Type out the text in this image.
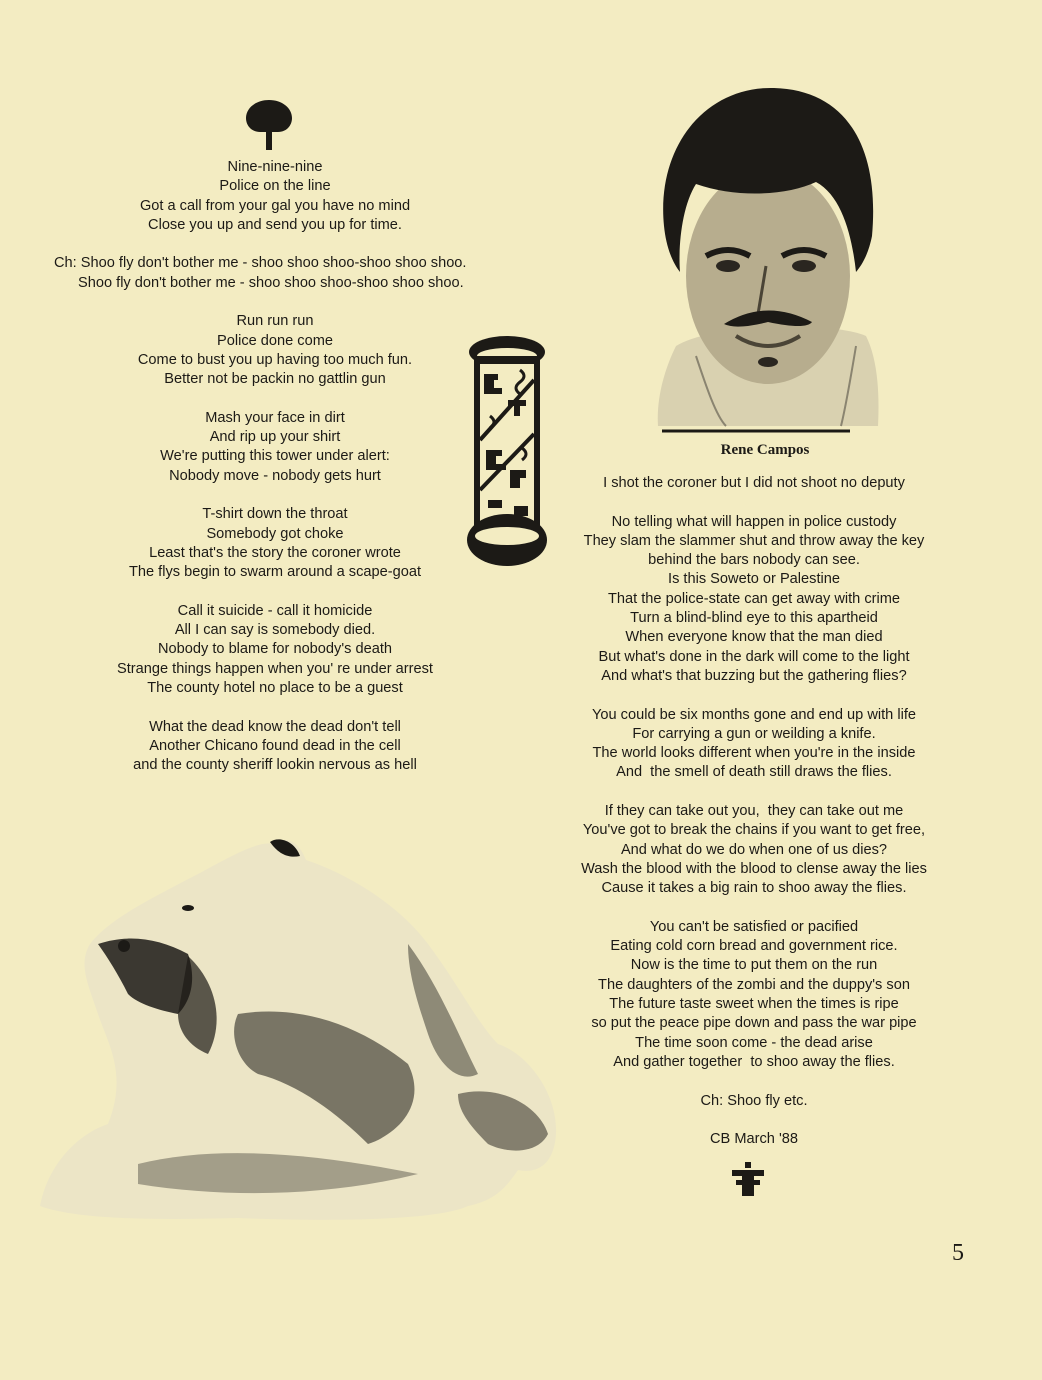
Nine-nine-nine
Police on the line
Got a call from your gal you have no mind
Close you up and send you up for time.
Ch: Shoo fly don't bother me - shoo shoo shoo-shoo shoo shoo.
Shoo fly don't bother me - shoo shoo shoo-shoo shoo shoo.
Run run run
Police done come
Come to bust you up having too much fun.
Better not be packin no gattlin gun
Mash your face in dirt
And rip up your shirt
We're putting this tower under alert:
Nobody move - nobody gets hurt
T-shirt down the throat
Somebody got choke
Least that's the story the coroner wrote
The flys begin to swarm around a scape-goat
Call it suicide - call it homicide
All I can say is somebody died.
Nobody to blame for nobody's death
Strange things happen when you' re under arrest
The county hotel no place to be a guest
What the dead know the dead don't tell
Another Chicano found dead in the cell
and the county sheriff lookin nervous as hell
Rene Campos
I shot the coroner but I did not shoot no deputy
No telling what will happen in police custody
They slam the slammer shut and throw away the key
behind the bars nobody can see.
Is this Soweto or Palestine
That the police-state can get away with crime
Turn a blind-blind eye to this apartheid
When everyone know that the man died
But what's done in the dark will come to the light
And what's that buzzing but the gathering flies?
You could be six months gone and end up with life
For carrying a gun or weilding a knife.
The world looks different when you're in the inside
And  the smell of death still draws the flies.
If they can take out you,  they can take out me
You've got to break the chains if you want to get free,
And what do we do when one of us dies?
Wash the blood with the blood to clense away the lies
Cause it takes a big rain to shoo away the flies.
You can't be satisfied or pacified
Eating cold corn bread and government rice.
Now is the time to put them on the run
The daughters of the zombi and the duppy's son
The future taste sweet when the times is ripe
so put the peace pipe down and pass the war pipe
The time soon come - the dead arise
And gather together  to shoo away the flies.
Ch: Shoo fly etc.
CB March '88
5
